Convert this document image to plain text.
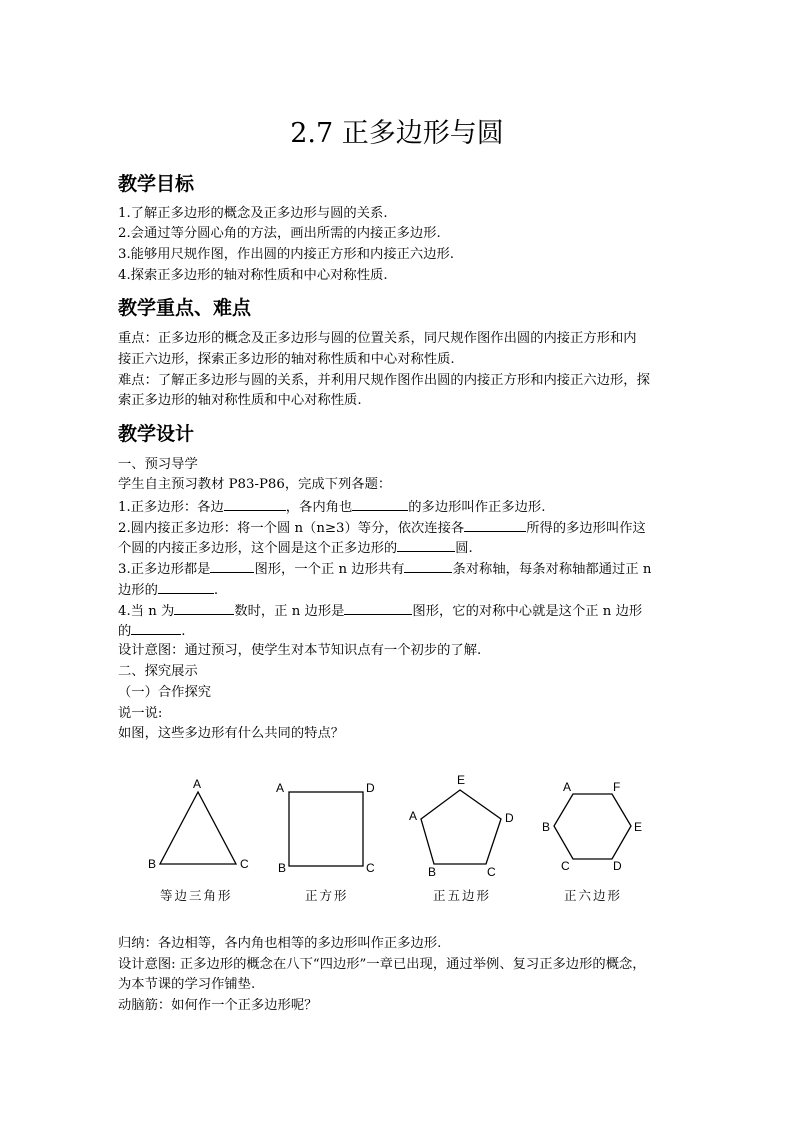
2.7 正多边形与圆
教学目标
1.了解正多边形的概念及正多边形与圆的关系.
2.会通过等分圆心角的方法，画出所需的内接正多边形.
3.能够用尺规作图，作出圆的内接正方形和内接正六边形.
4.探索正多边形的轴对称性质和中心对称性质.
教学重点、难点
重点：正多边形的概念及正多边形与圆的位置关系，同尺规作图作出圆的内接正方形和内
接正六边形，探索正多边形的轴对称性质和中心对称性质.
难点：了解正多边形与圆的关系，并利用尺规作图作出圆的内接正方形和内接正六边形，探
索正多边形的轴对称性质和中心对称性质.
教学设计
一、预习导学
学生自主预习教材 P83-P86，完成下列各题：
1.正多边形：各边	，各内角也	的多边形叫作正多边形.
2.圆内接正多边形：将一个圆 n（n≥3）等分，依次连接各	所得的多边形叫作这
个圆的内接正多边形，这个圆是这个正多边形的	圆.
3.正多边形都是	图形，一个正 n 边形共有	条对称轴，每条对称轴都通过正 n
边形的	.
4.当 n 为	数时，正 n 边形是	图形，它的对称中心就是这个正 n 边形
的	.
设计意图：通过预习，使学生对本节知识点有一个初步的了解.
二、探究展示
（一）合作探究
说一说:
如图，这些多边形有什么共同的特点？
A
B	C
A	D
B	C
E
A	D
B	C
A	F
B	E
C	D
等边三角形	正方形	正五边形	正六边形
归纳：各边相等，各内角也相等的多边形叫作正多边形.
设计意图: 正多边形的概念在八下“四边形”一章已出现，通过举例、复习正多边形的概念，
为本节课的学习作铺垫.
动脑筋：如何作一个正多边形呢？
